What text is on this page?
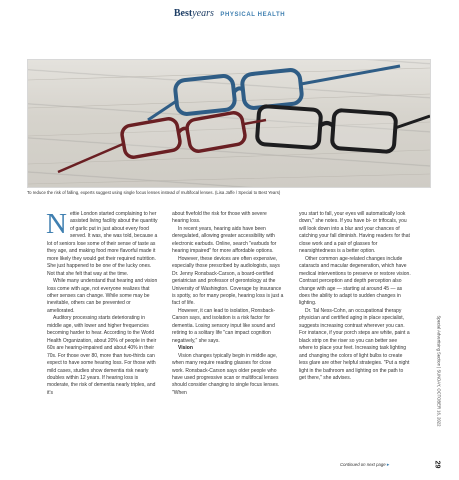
Bestyears PHYSICAL HEALTH
To reduce the risk of falling, experts suggest using single focus lenses instead of multifocal lenses. (Lisa Jaffe / Special to Best Years)
N ettie London started complaining to her assisted living facility about the quantity of garlic put in just about every food served. It was, she was told, because a lot of seniors lose some of their sense of taste as they age, and making food more flavorful made it more likely they would get their required nutrition. She just happened to be one of the lucky ones. Not that she felt that way at the time.

While many understand that hearing and vision loss come with age, not everyone realizes that other senses can change. While some may be inevitable, others can be prevented or ameliorated.

Auditory processing starts deteriorating in middle age, with lower and higher frequencies becoming harder to hear. According to the World Health Organization, about 20% of people in their 60s are hearing-impaired and about 40% in their 70s. For those over 80, more than two-thirds can expect to have some hearing loss. For those with mild cases, studies show dementia risk nearly doubles within 12 years. If hearing loss is moderate, the risk of dementia nearly triples, and it's

about fivefold the risk for those with severe hearing loss.

In recent years, hearing aids have been deregulated, allowing greater accessibility with electronic earbuds. Online, search "earbuds for hearing impaired" for more affordable options.

However, these devices are often expensive, especially those prescribed by audiologists, says Dr. Jenny Ronsback-Carson, a board-certified geriatrician and professor of gerontology at the University of Washington. Coverage by insurance is spotty, so for many people, hearing loss is just a fact of life.

However, it can lead to isolation, Ronsback-Carson says, and isolation is a risk factor for dementia. Losing sensory input like sound and retiring to a solitary life "can impact cognition negatively," she says.

Vision

Vision changes typically begin in middle age, when many require reading glasses for close work. Ronsback-Carson says older people who have used progressive scan or multifocal lenses should consider changing to single focus lenses. "When

you start to fall, your eyes will automatically look down," she notes. If you have bi- or trifocals, you will look down into a blur and your chances of catching your fall diminish. Having readers for that close work and a pair of glasses for nearsightedness is a better option.

Other common age-related changes include cataracts and macular degeneration, which have medical interventions to preserve or restore vision. Contrast perception and depth perception also change with age — starting at around 45 — as does the ability to adapt to sudden changes in lighting.

Dr. Tal Ness-Cohn, an occupational therapy physician and certified aging in place specialist, suggests increasing contrast wherever you can. For instance, if your porch steps are white, paint a black strip on the riser so you can better see where to place your feet. Increasing task lighting and changing the colors of light bulbs to create less glare are other helpful strategies. "Put a night light in the bathroom and lighting on the path to get there," she advises.

Continued on next page ▸
Special Advertising Section | SUNDAY, OCTOBER 16, 2022
29
